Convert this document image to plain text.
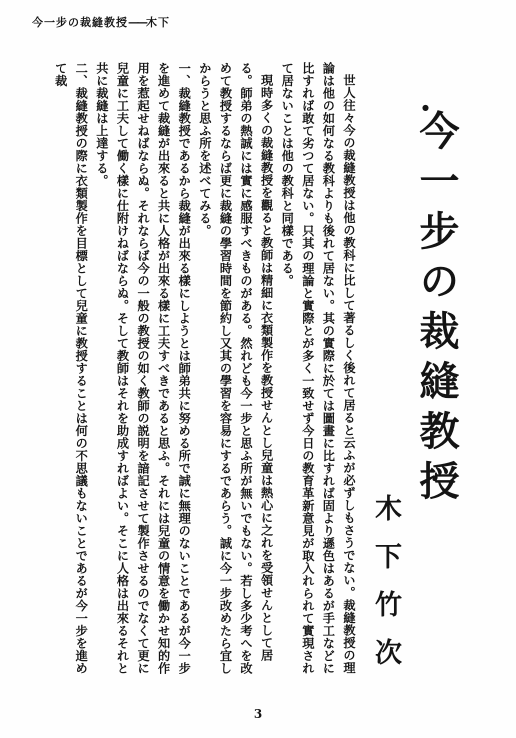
今一步の裁縫教授——木下
●
今一步の裁縫教授
木下竹次

世人往々今の裁縫教授は他の教科に比して著るしく後れて居ると云ふが必ずしもさうでない。裁縫教授の理論は他の如何なる教科よりも後れて居ない。其の實際に於ては圖畫に比すれば固より遜色はあるが手工などに比すれば敢て劣つて居ない。只其の理論と實際とが多く一致せず今日の教育革新意見が取入れられて實現されて居ないことは他の教科と同樣である。

現時多くの裁縫教授を觀ると教師は精細に衣類製作を教授せんとし兒童は熱心に之れを受領せんとして居る。師弟の熱誠には實に感服すべきものがある。然れども今一步と思ふ所が無いでもない。若し多少考へを改めて教授するならば更に裁縫の學習時間を節約し又其の學習を容易にするであらう。誠に今一步改めたら宜しからうと思ふ所を述べてみる。

一、裁縫教授であるから裁縫が出來る樣にしようとは師弟共に努める所で誠に無理のないことであるが今一步を進めて裁縫が出來ると共に人格が出來る樣に工夫すべきであると思ふ。それには兒童の情意を働かせ知的作用を惹起せねばならぬ。それならば今の一般の教授の如く教師の説明を諳記させて製作させるのでなくて更に兒童に工夫して働く樣に仕附けねばならぬ。そして教師はそれを助成すればよい。そこに人格は出來るそれと共に裁縫は上達する。

二、裁縫教授の際に衣類製作を目標として兒童に教授することは何の不思議もないことであるが今一步を進めて裁

3
